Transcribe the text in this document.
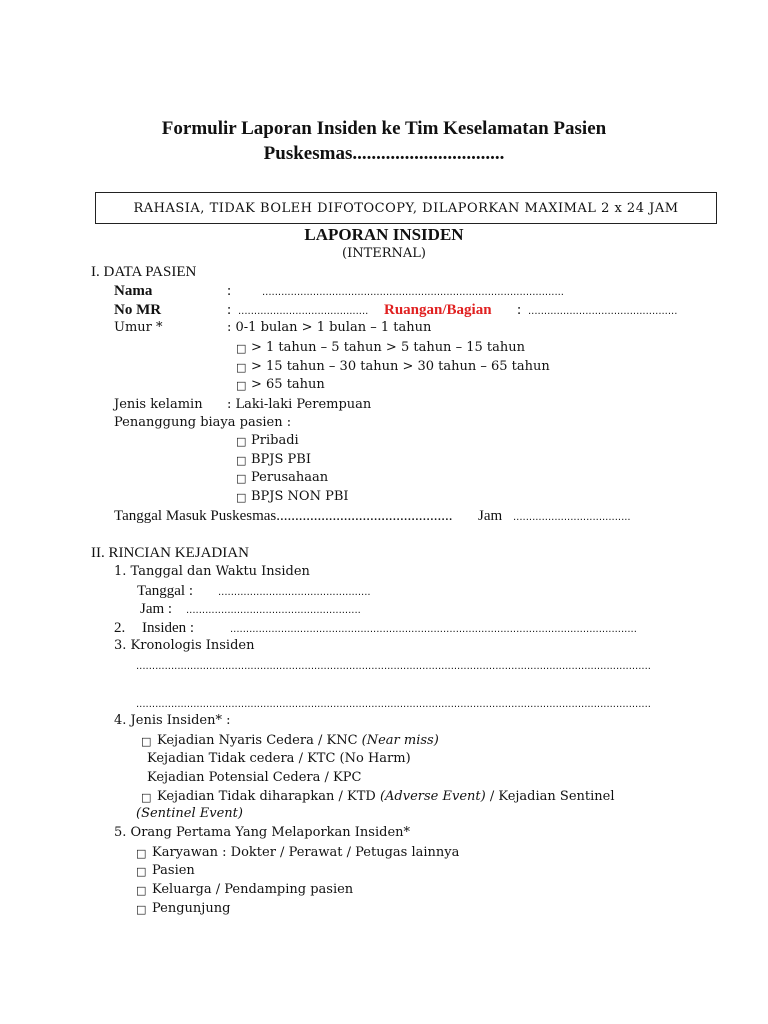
Formulir Laporan Insiden ke Tim Keselamatan Pasien
Puskesmas................................
RAHASIA, TIDAK BOLEH DIFOTOCOPY, DILAPORKAN MAXIMAL 2 x 24 JAM
LAPORAN INSIDEN
(INTERNAL)
I. DATA PASIEN
Nama	:	...............................................................................................
No MR	: .........................................	Ruangan/Bagian : ...............................................
Umur *	: 0-1 bulan > 1 bulan – 1 tahun
□ > 1 tahun – 5 tahun > 5 tahun – 15 tahun
□ > 15 tahun – 30 tahun > 30 tahun – 65 tahun
□ > 65 tahun
Jenis kelamin : Laki-laki Perempuan
Penanggung biaya pasien :
□ Pribadi
□ BPJS PBI
□ Perusahaan
□ BPJS NON PBI
Tanggal Masuk Puskesmas............................................... Jam .....................................
II. RINCIAN KEJADIAN
1. Tanggal dan Waktu Insiden
Tanggal : ................................................
Jam : .......................................................
2. Insiden :	................................................................................................................................
3. Kronologis Insiden
..................................................................................................................................................................
..................................................................................................................................................................
4. Jenis Insiden* :
□ Kejadian Nyaris Cedera / KNC (Near miss)
Kejadian Tidak cedera / KTC (No Harm)
Kejadian Potensial Cedera / KPC
□ Kejadian Tidak diharapkan / KTD (Adverse Event) / Kejadian Sentinel
(Sentinel Event)
5. Orang Pertama Yang Melaporkan Insiden*
□ Karyawan : Dokter / Perawat / Petugas lainnya
□ Pasien
□ Keluarga / Pendamping pasien
□ Pengunjung
